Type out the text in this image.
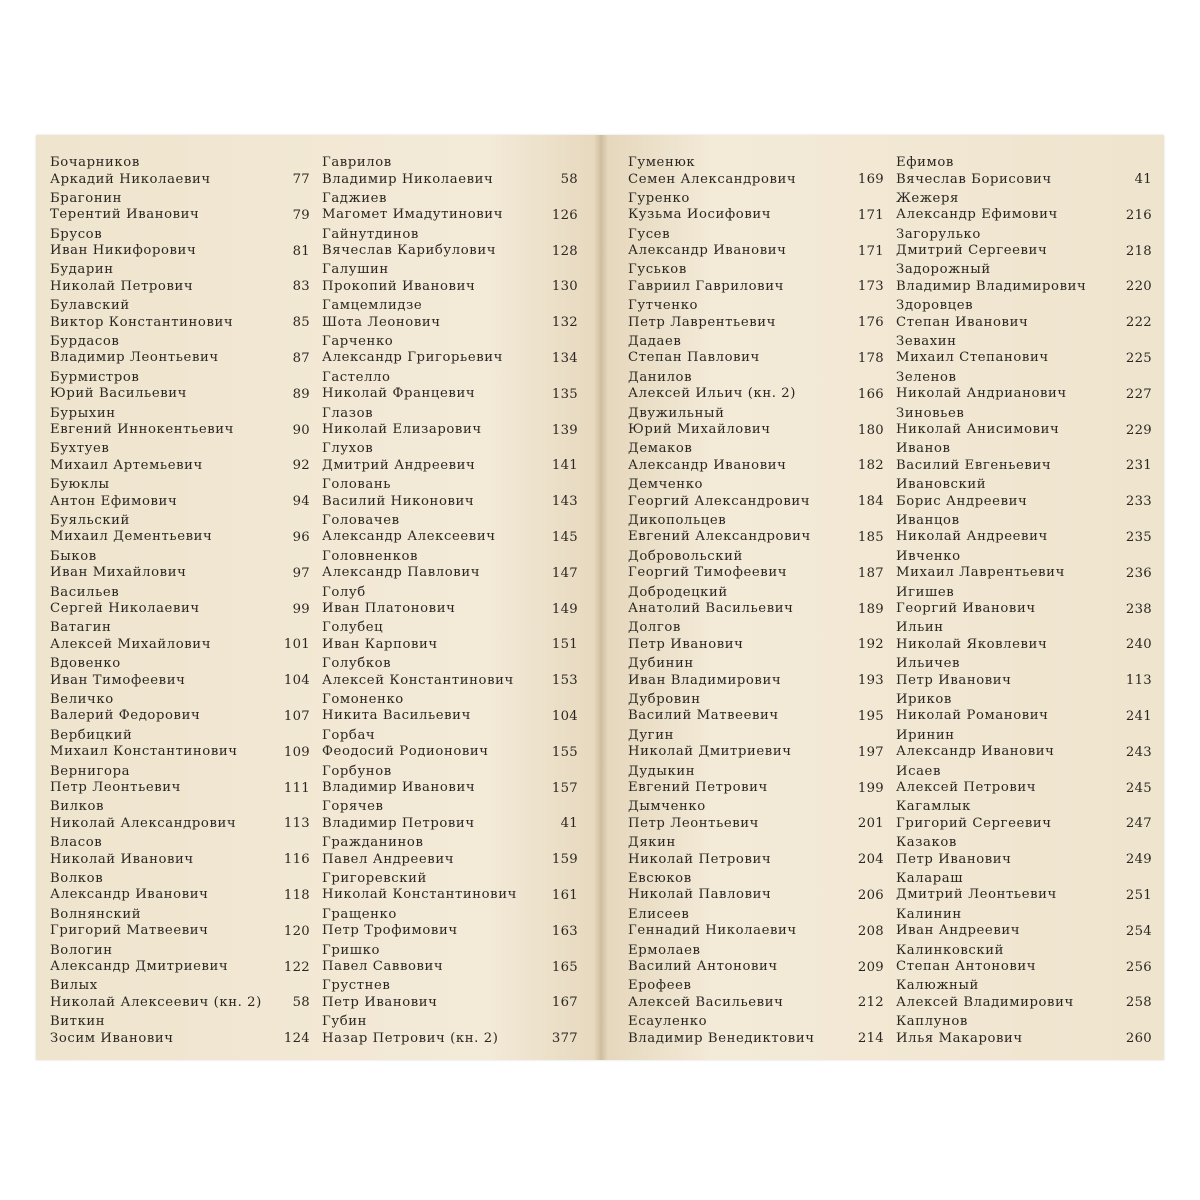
Бочарников
Аркадий Николаевич	77
Брагонин
Терентий Иванович	79
Брусов
Иван Никифорович	81
Бударин
Николай Петрович	83
Булавский
Виктор Константинович	85
Бурдасов
Владимир Леонтьевич	87
Бурмистров
Юрий Васильевич	89
Бурыхин
Евгений Иннокентьевич	90
Бухтуев
Михаил Артемьевич	92
Буюклы
Антон Ефимович	94
Буяльский
Михаил Дементьевич	96
Быков
Иван Михайлович	97
Васильев
Сергей Николаевич	99
Ватагин
Алексей Михайлович	101
Вдовенко
Иван Тимофеевич	104
Величко
Валерий Федорович	107
Вербицкий
Михаил Константинович	109
Вернигора
Петр Леонтьевич	111
Вилков
Николай Александрович	113
Власов
Николай Иванович	116
Волков
Александр Иванович	118
Волнянский
Григорий Матвеевич	120
Вологин
Александр Дмитриевич	122
Вилых
Николай Алексеевич (кн. 2)	58
Виткин
Зосим Иванович	124
Гаврилов
Владимир Николаевич	58
Гаджиев
Магомет Имадутинович	126
Гайнутдинов
Вячеслав Карибулович	128
Галушин
Прокопий Иванович	130
Гамцемлидзе
Шота Леонович	132
Гарченко
Александр Григорьевич	134
Гастелло
Николай Францевич	135
Глазов
Николай Елизарович	139
Глухов
Дмитрий Андреевич	141
Головань
Василий Никонович	143
Головачев
Александр Алексеевич	145
Головненков
Александр Павлович	147
Голуб
Иван Платонович	149
Голубец
Иван Карпович	151
Голубков
Алексей Константинович	153
Гомоненко
Никита Васильевич	104
Горбач
Феодосий Родионович	155
Горбунов
Владимир Иванович	157
Горячев
Владимир Петрович	41
Гражданинов
Павел Андреевич	159
Григоревский
Николай Константинович	161
Гращенко
Петр Трофимович	163
Гришко
Павел Саввович	165
Грустнев
Петр Иванович	167
Губин
Назар Петрович (кн. 2)	377
Гуменюк
Семен Александрович	169
Гуренко
Кузьма Иосифович	171
Гусев
Александр Иванович	171
Гуськов
Гавриил Гаврилович	173
Гутченко
Петр Лаврентьевич	176
Дадаев
Степан Павлович	178
Данилов
Алексей Ильич (кн. 2)	166
Двужильный
Юрий Михайлович	180
Демаков
Александр Иванович	182
Демченко
Георгий Александрович	184
Дикопольцев
Евгений Александрович	185
Добровольский
Георгий Тимофеевич	187
Добродецкий
Анатолий Васильевич	189
Долгов
Петр Иванович	192
Дубинин
Иван Владимирович	193
Дубровин
Василий Матвеевич	195
Дугин
Николай Дмитриевич	197
Дудыкин
Евгений Петрович	199
Дымченко
Петр Леонтьевич	201
Дякин
Николай Петрович	204
Евсюков
Николай Павлович	206
Елисеев
Геннадий Николаевич	208
Ермолаев
Василий Антонович	209
Ерофеев
Алексей Васильевич	212
Есауленко
Владимир Венедиктович	214
Ефимов
Вячеслав Борисович	41
Жежеря
Александр Ефимович	216
Загорулько
Дмитрий Сергеевич	218
Задорожный
Владимир Владимирович	220
Здоровцев
Степан Иванович	222
Зевахин
Михаил Степанович	225
Зеленов
Николай Андрианович	227
Зиновьев
Николай Анисимович	229
Иванов
Василий Евгеньевич	231
Ивановский
Борис Андреевич	233
Иванцов
Николай Андреевич	235
Ивченко
Михаил Лаврентьевич	236
Игишев
Георгий Иванович	238
Ильин
Николай Яковлевич	240
Ильичев
Петр Иванович	113
Ириков
Николай Романович	241
Иринин
Александр Иванович	243
Исаев
Алексей Петрович	245
Кагамлык
Григорий Сергеевич	247
Казаков
Петр Иванович	249
Калараш
Дмитрий Леонтьевич	251
Калинин
Иван Андреевич	254
Калинковский
Степан Антонович	256
Калюжный
Алексей Владимирович	258
Каплунов
Илья Макарович	260
